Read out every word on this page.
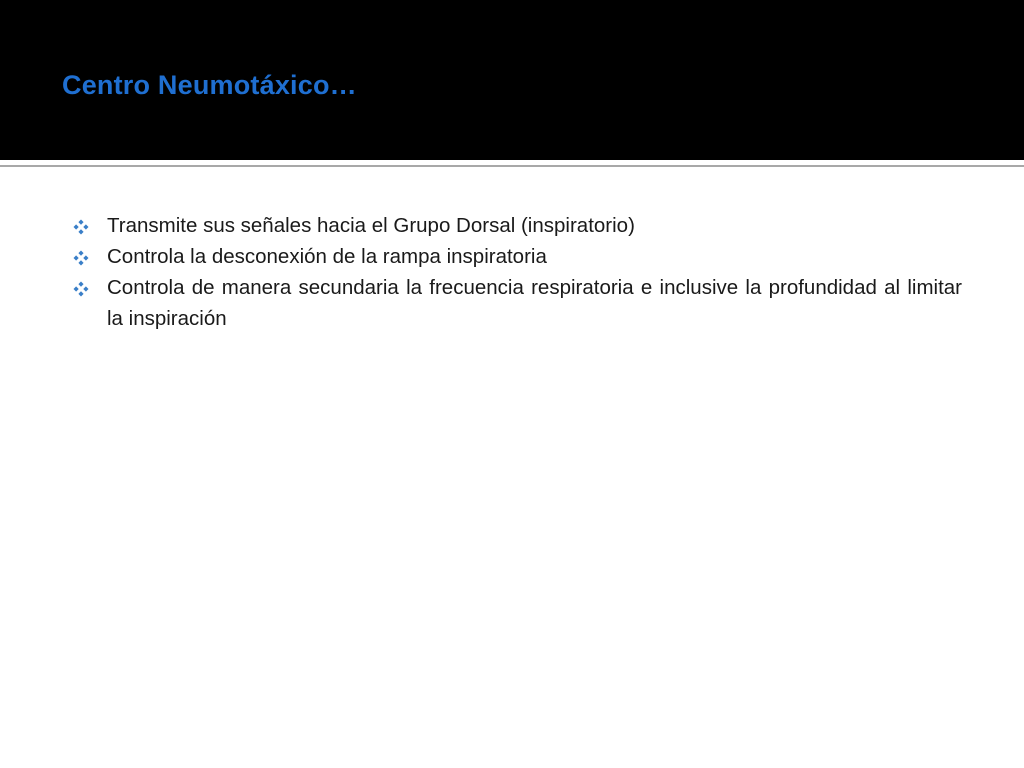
Centro Neumotáxico…
Transmite sus señales hacia el Grupo Dorsal (inspiratorio)
Controla la desconexión de la rampa inspiratoria
Controla de manera secundaria la frecuencia respiratoria e inclusive la profundidad al limitar la inspiración
